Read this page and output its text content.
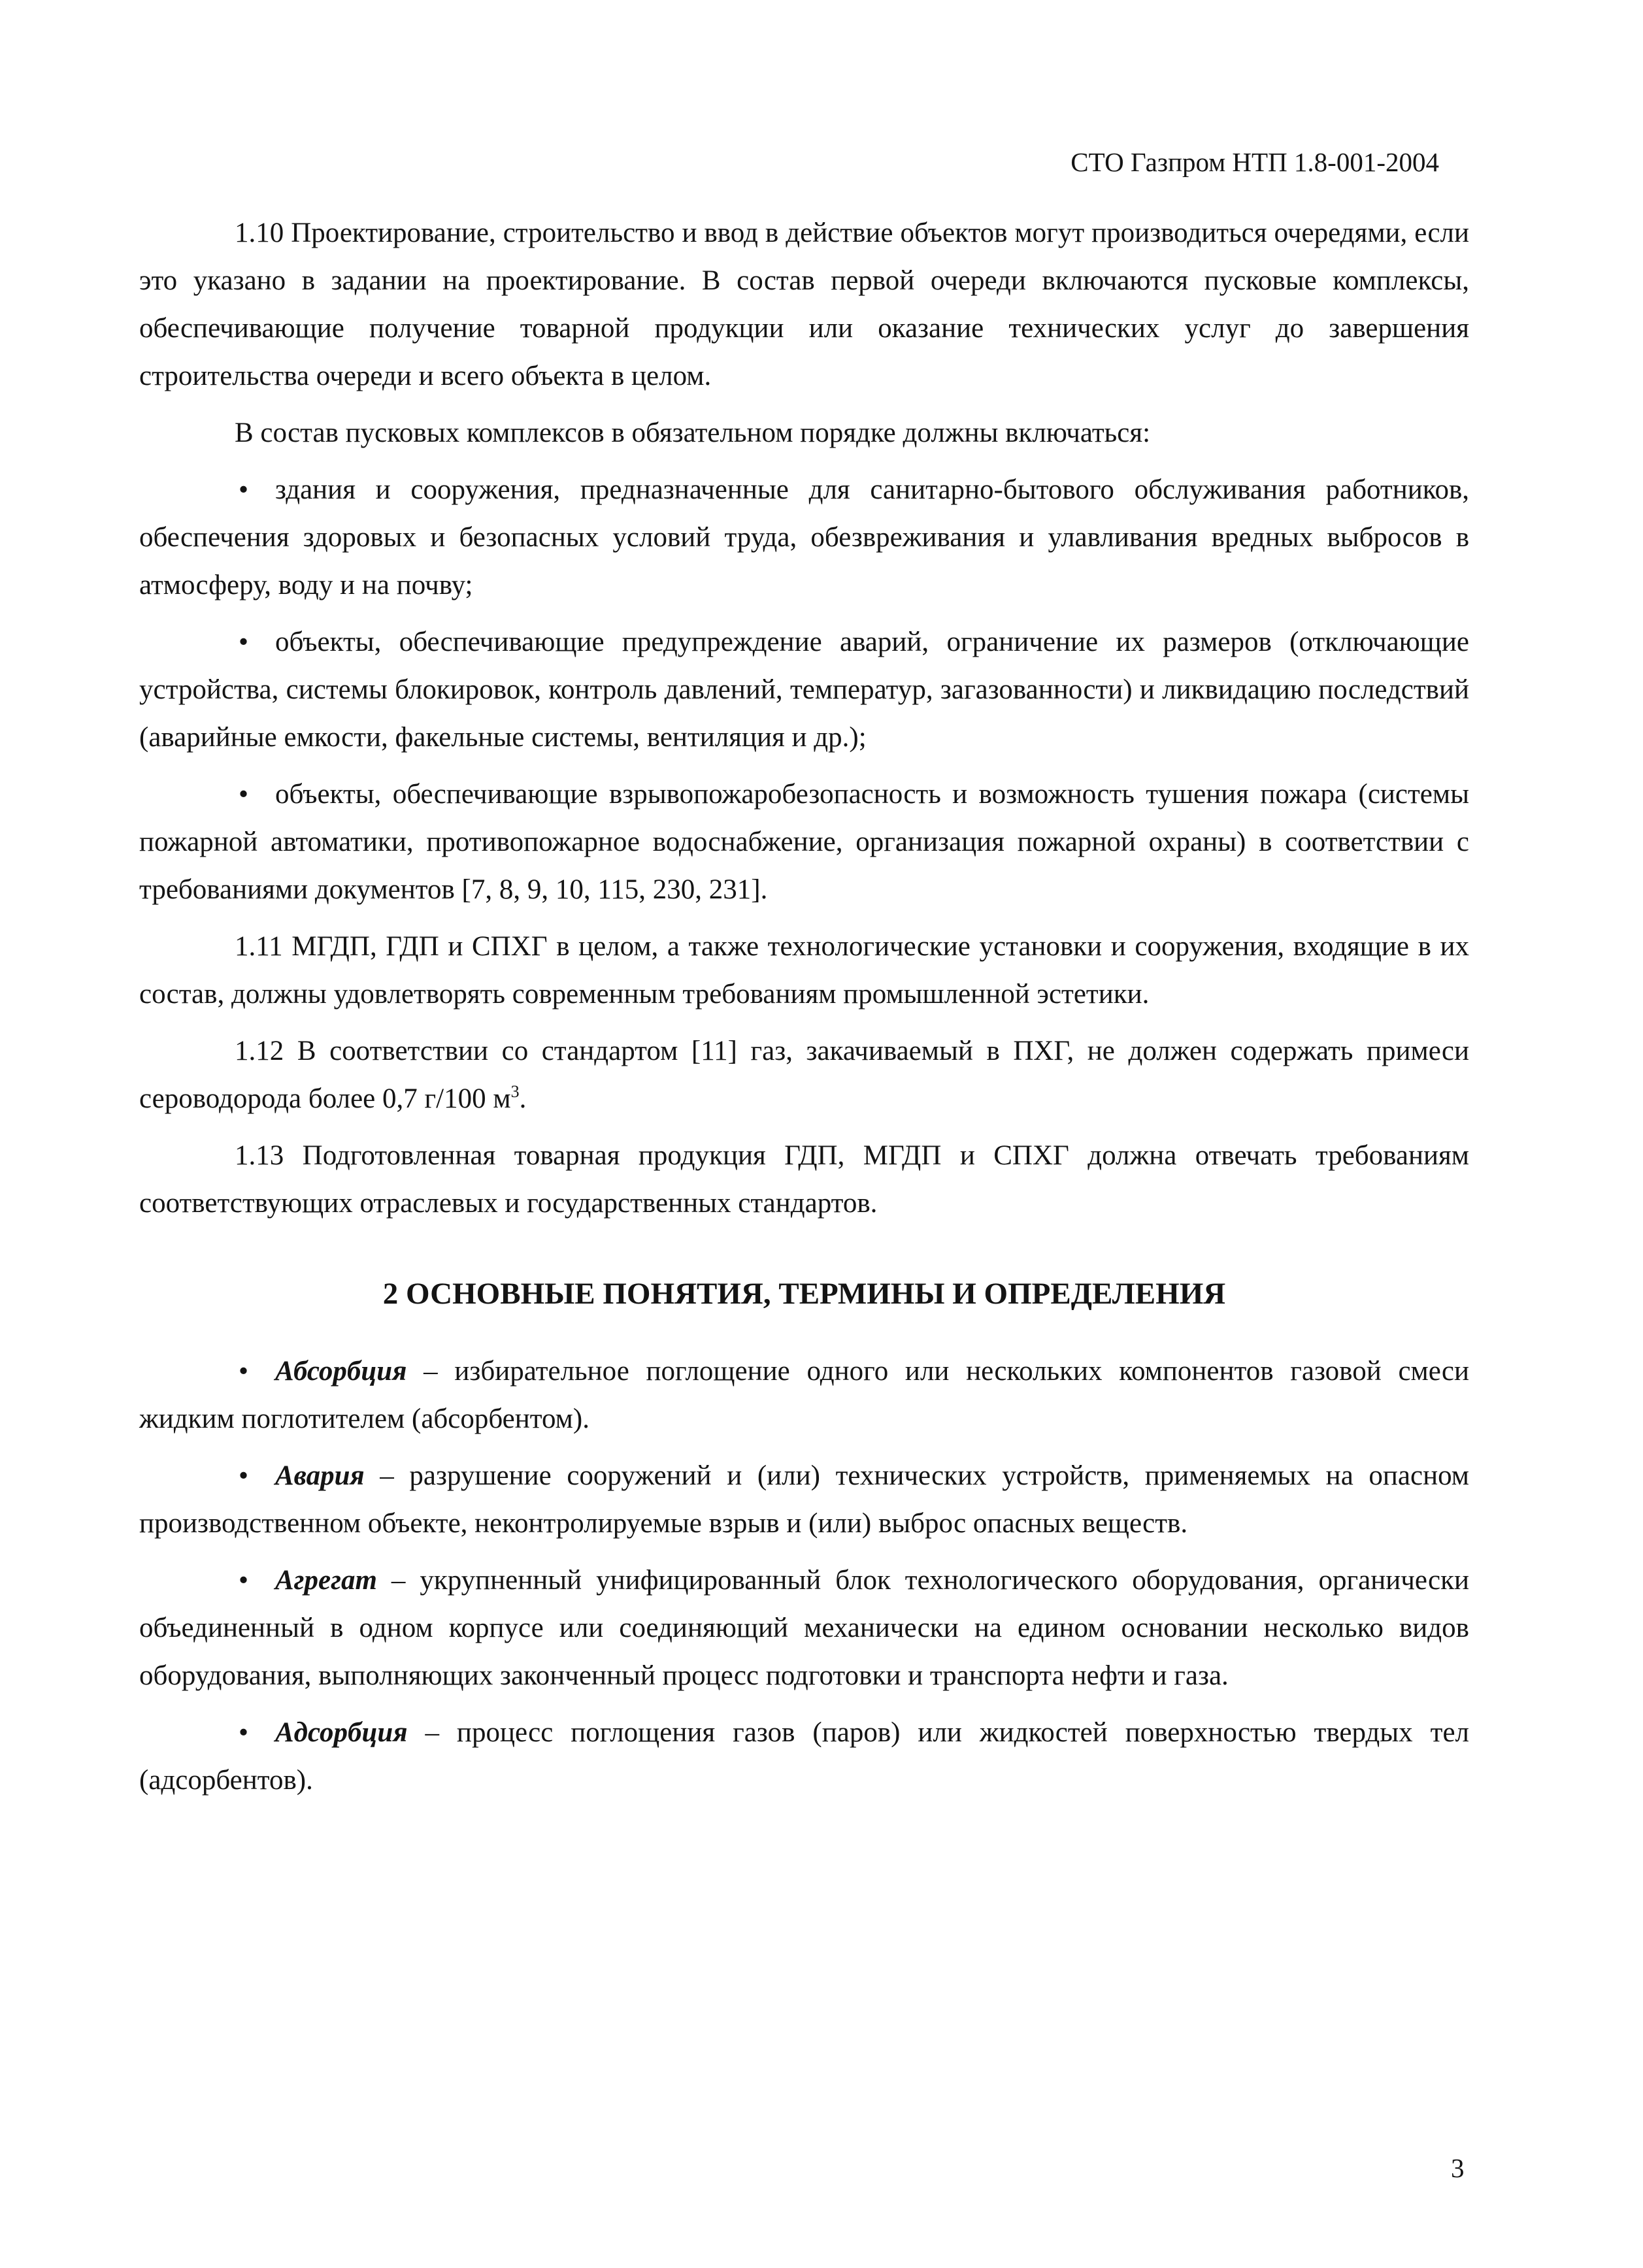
СТО Газпром НТП 1.8-001-2004

1.10 Проектирование, строительство и ввод в действие объектов могут производиться очередями, если это указано в задании на проектирование. В состав первой очереди включаются пусковые комплексы, обеспечивающие получение товарной продукции или оказание технических услуг до завершения строительства очереди и всего объекта в целом.

В состав пусковых комплексов в обязательном порядке должны включаться:

• здания и сооружения, предназначенные для санитарно-бытового обслуживания работников, обеспечения здоровых и безопасных условий труда, обезвреживания и улавливания вредных выбросов в атмосферу, воду и на почву;

• объекты, обеспечивающие предупреждение аварий, ограничение их размеров (отключающие устройства, системы блокировок, контроль давлений, температур, загазованности) и ликвидацию последствий (аварийные емкости, факельные системы, вентиляция и др.);

• объекты, обеспечивающие взрывопожаробезопасность и возможность тушения пожара (системы пожарной автоматики, противопожарное водоснабжение, организация пожарной охраны) в соответствии с требованиями документов [7, 8, 9, 10, 115, 230, 231].

1.11 МГДП, ГДП и СПХГ в целом, а также технологические установки и сооружения, входящие в их состав, должны удовлетворять современным требованиям промышленной эстетики.

1.12 В соответствии со стандартом [11] газ, закачиваемый в ПХГ, не должен содержать примеси сероводорода более 0,7 г/100 $м^3$.

1.13 Подготовленная товарная продукция ГДП, МГДП и СПХГ должна отвечать требованиям соответствующих отраслевых и государственных стандартов.

2 ОСНОВНЫЕ ПОНЯТИЯ, ТЕРМИНЫ И ОПРЕДЕЛЕНИЯ

• Абсорбция – избирательное поглощение одного или нескольких компонентов газовой смеси жидким поглотителем (абсорбентом).

• Авария – разрушение сооружений и (или) технических устройств, применяемых на опасном производственном объекте, неконтролируемые взрыв и (или) выброс опасных веществ.

• Агрегат – укрупненный унифицированный блок технологического оборудования, органически объединенный в одном корпусе или соединяющий механически на едином основании несколько видов оборудования, выполняющих законченный процесс подготовки и транспорта нефти и газа.

• Адсорбция – процесс поглощения газов (паров) или жидкостей поверхностью твердых тел (адсорбентов).

3
